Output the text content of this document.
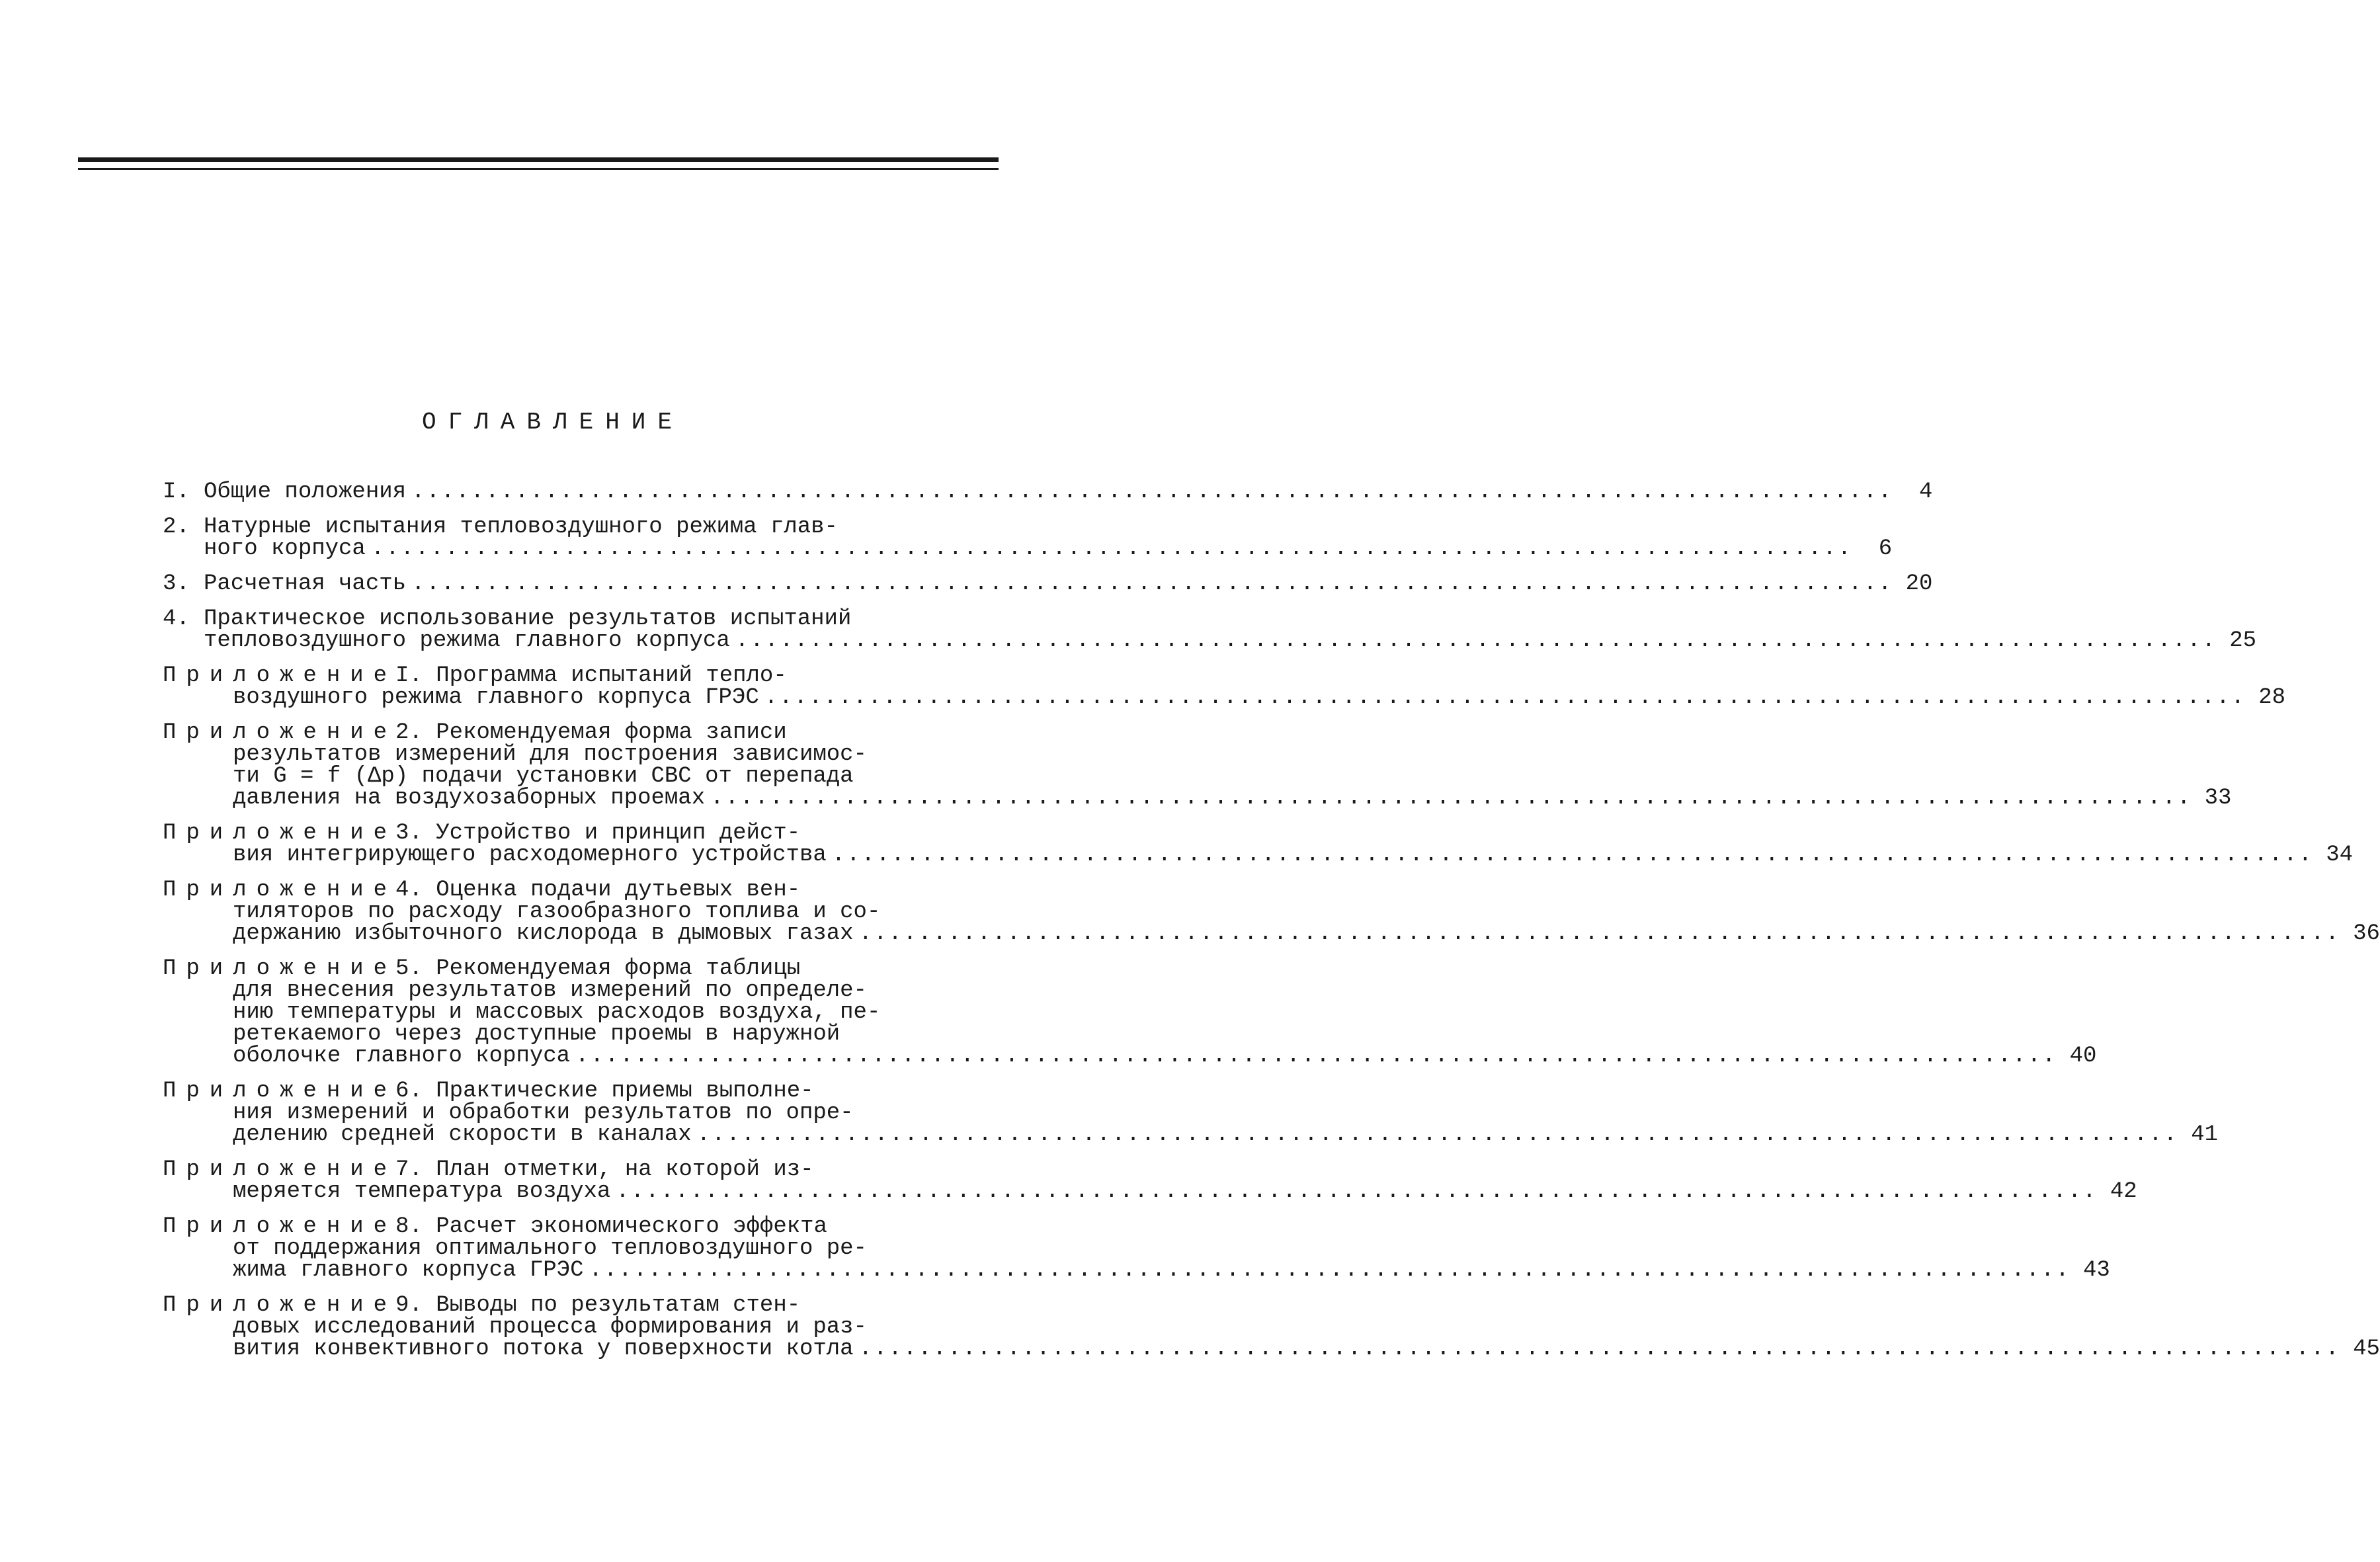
ОГЛАВЛЕНИЕ
I. Общие положения ....................................................................................................	4
2. Натурные испытания тепловоздушного режима глав-
ного корпуса ....................................................................................................	6
3. Расчетная часть .................................................................................................... 20
4. Практическое использование результатов испытаний
тепловоздушного режима главного корпуса .................................................................................................... 25
Приложение
I. Программа испытаний тепло-
воздушного режима главного корпуса ГРЭС .................................................................................................... 28
Приложение
2. Рекомендуемая форма записи
результатов измерений для построения зависимос-
ти G = f (Δp) подачи установки СВС от перепада
давления на воздухозаборных проемах .................................................................................................... 33
Приложение
3. Устройство и принцип дейст-
вия интегрирующего расходомерного устройства .................................................................................................... 34
Приложение
4. Оценка подачи дутьевых вен-
тиляторов по расходу газообразного топлива и со-
держанию избыточного кислорода в дымовых газах .................................................................................................... 36
Приложение
5. Рекомендуемая форма таблицы
для внесения результатов измерений по определе-
нию температуры и массовых расходов воздуха, пе-
ретекаемого через доступные проемы в наружной
оболочке главного корпуса .................................................................................................... 40
Приложение
6. Практические приемы выполне-
ния измерений и обработки результатов по опре-
делению средней скорости в каналах .................................................................................................... 41
Приложение
7. План отметки, на которой из-
меряется температура воздуха .................................................................................................... 42
Приложение
8. Расчет экономического эффекта
от поддержания оптимального тепловоздушного ре-
жима главного корпуса ГРЭС .................................................................................................... 43
Приложение
9. Выводы по результатам стен-
довых исследований процесса формирования и раз-
вития конвективного потока у поверхности котла .................................................................................................... 45
